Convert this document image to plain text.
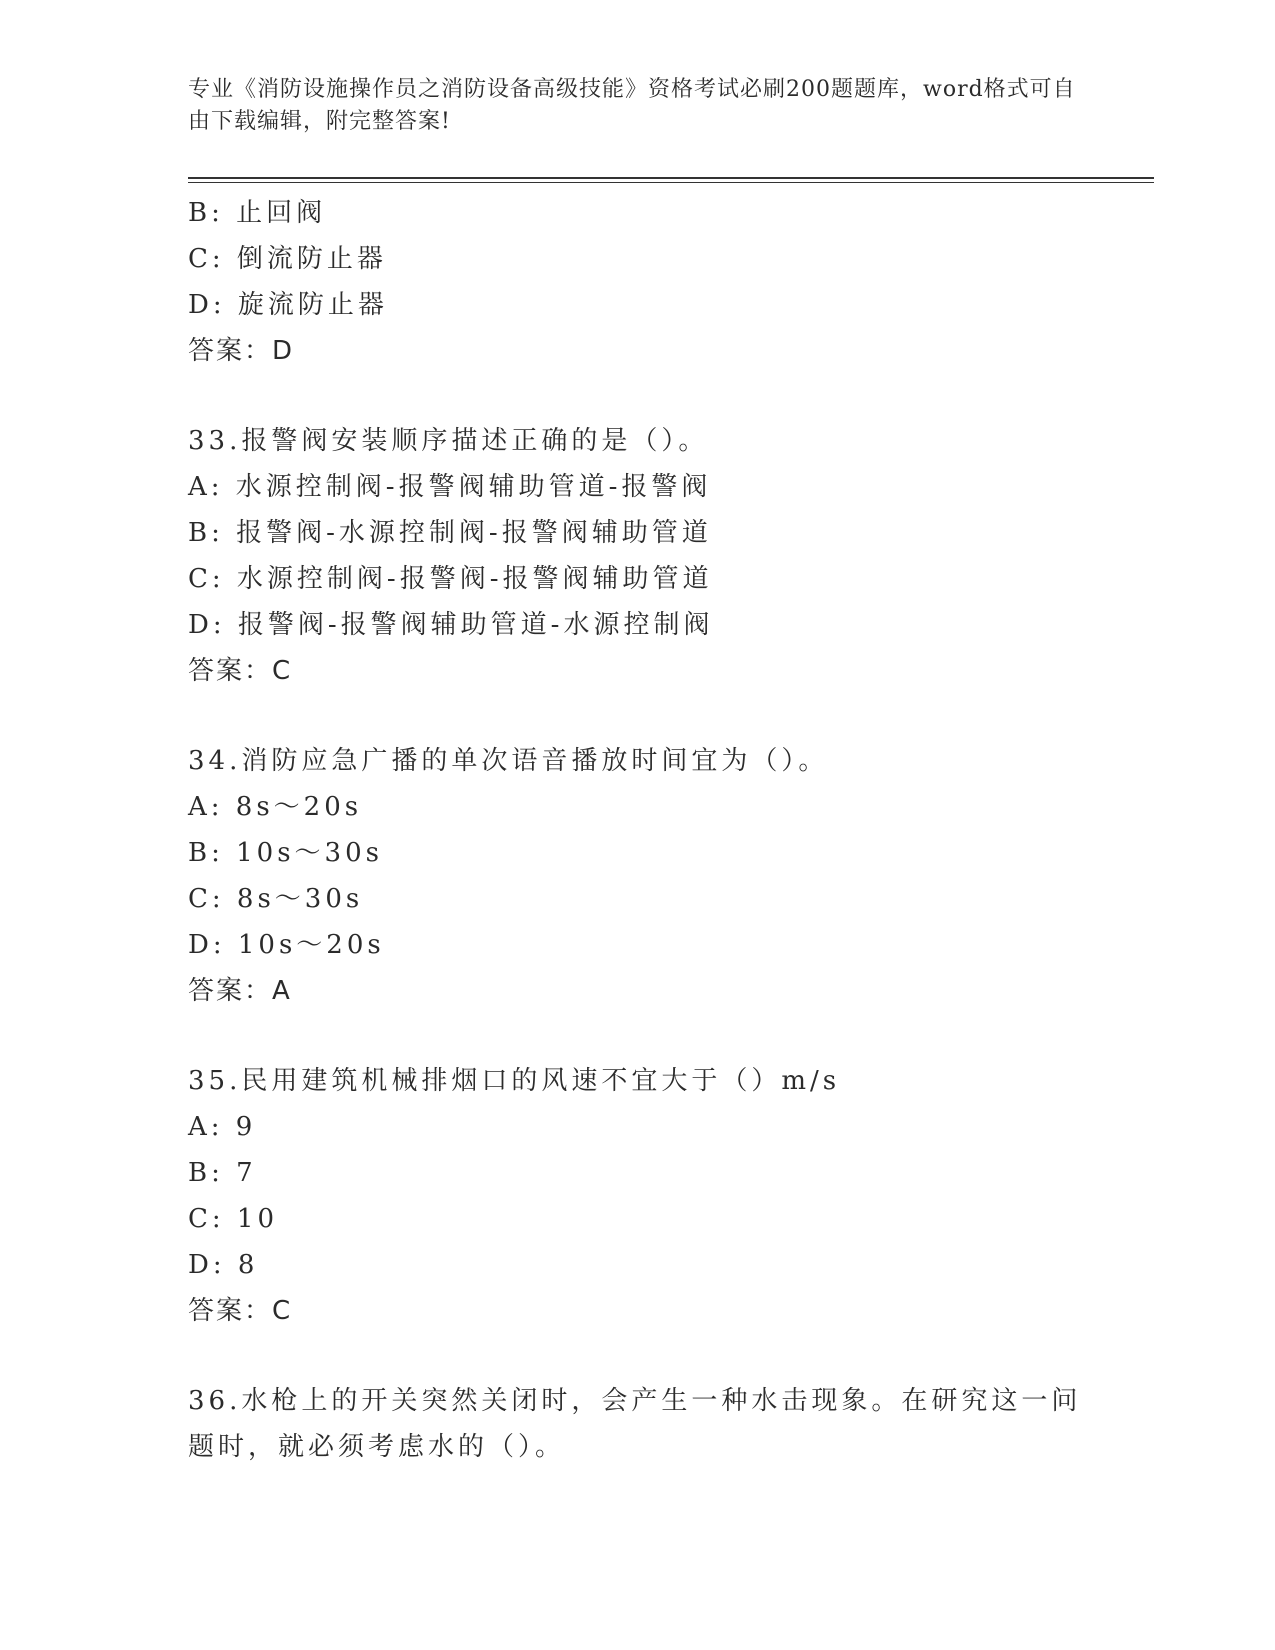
专业《消防设施操作员之消防设备高级技能》资格考试必刷200题题库，word格式可自由下载编辑，附完整答案!
B: 止回阀
C: 倒流防止器
D: 旋流防止器
答案：D
33.报警阀安装顺序描述正确的是（）。
A: 水源控制阀-报警阀辅助管道-报警阀
B: 报警阀-水源控制阀-报警阀辅助管道
C: 水源控制阀-报警阀-报警阀辅助管道
D: 报警阀-报警阀辅助管道-水源控制阀
答案：C
34.消防应急广播的单次语音播放时间宜为（）。
A: 8s～20s
B: 10s～30s
C: 8s～30s
D: 10s～20s
答案：A
35.民用建筑机械排烟口的风速不宜大于（）m/s
A: 9
B: 7
C: 10
D: 8
答案：C
36.水枪上的开关突然关闭时，会产生一种水击现象。在研究这一问题时，就必须考虑水的（）。
